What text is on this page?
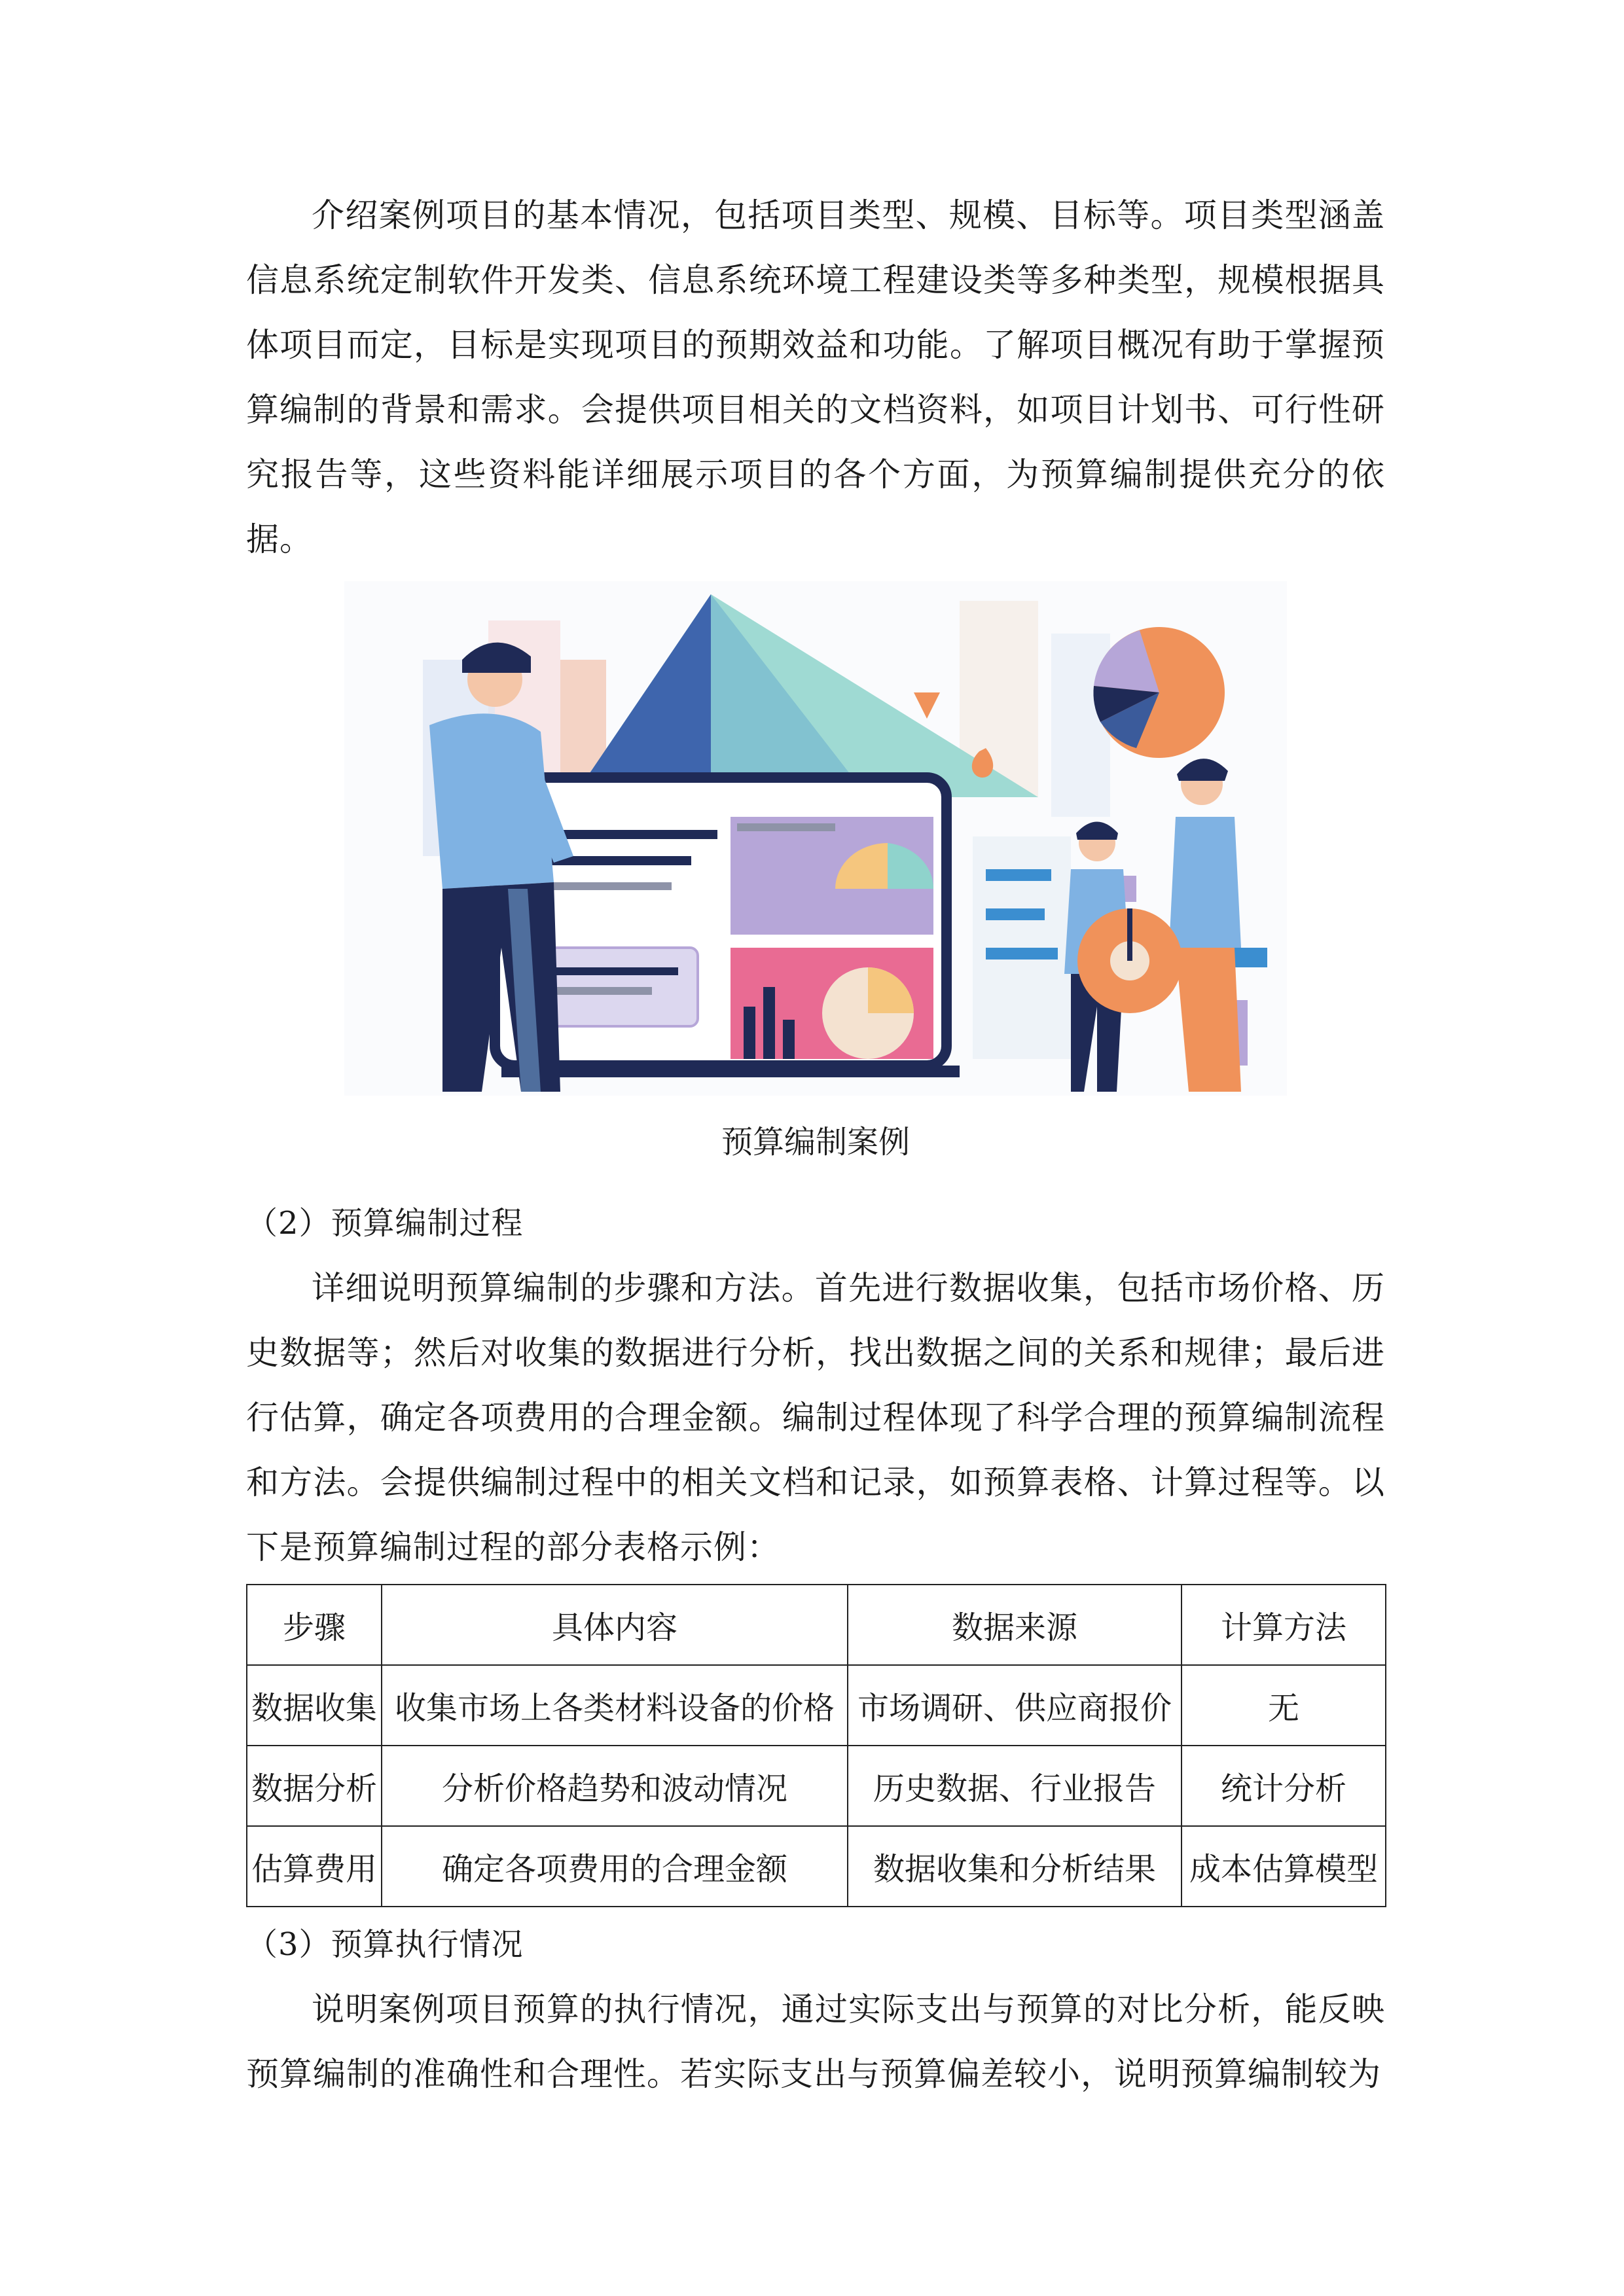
介绍案例项目的基本情况，包括项目类型、规模、目标等。项目类型涵盖信息系统定制软件开发类、信息系统环境工程建设类等多种类型，规模根据具体项目而定，目标是实现项目的预期效益和功能。了解项目概况有助于掌握预算编制的背景和需求。会提供项目相关的文档资料，如项目计划书、可行性研究报告等，这些资料能详细展示项目的各个方面，为预算编制提供充分的依据。

预算编制案例

（2）预算编制过程

详细说明预算编制的步骤和方法。首先进行数据收集，包括市场价格、历史数据等；然后对收集的数据进行分析，找出数据之间的关系和规律；最后进行估算，确定各项费用的合理金额。编制过程体现了科学合理的预算编制流程和方法。会提供编制过程中的相关文档和记录，如预算表格、计算过程等。以下是预算编制过程的部分表格示例：

步骤	具体内容	数据来源	计算方法
数据收集	收集市场上各类材料设备的价格	市场调研、供应商报价	无
数据分析	分析价格趋势和波动情况	历史数据、行业报告	统计分析
估算费用	确定各项费用的合理金额	数据收集和分析结果	成本估算模型

（3）预算执行情况

说明案例项目预算的执行情况，通过实际支出与预算的对比分析，能反映预算编制的准确性和合理性。若实际支出与预算偏差较小，说明预算编制较为
